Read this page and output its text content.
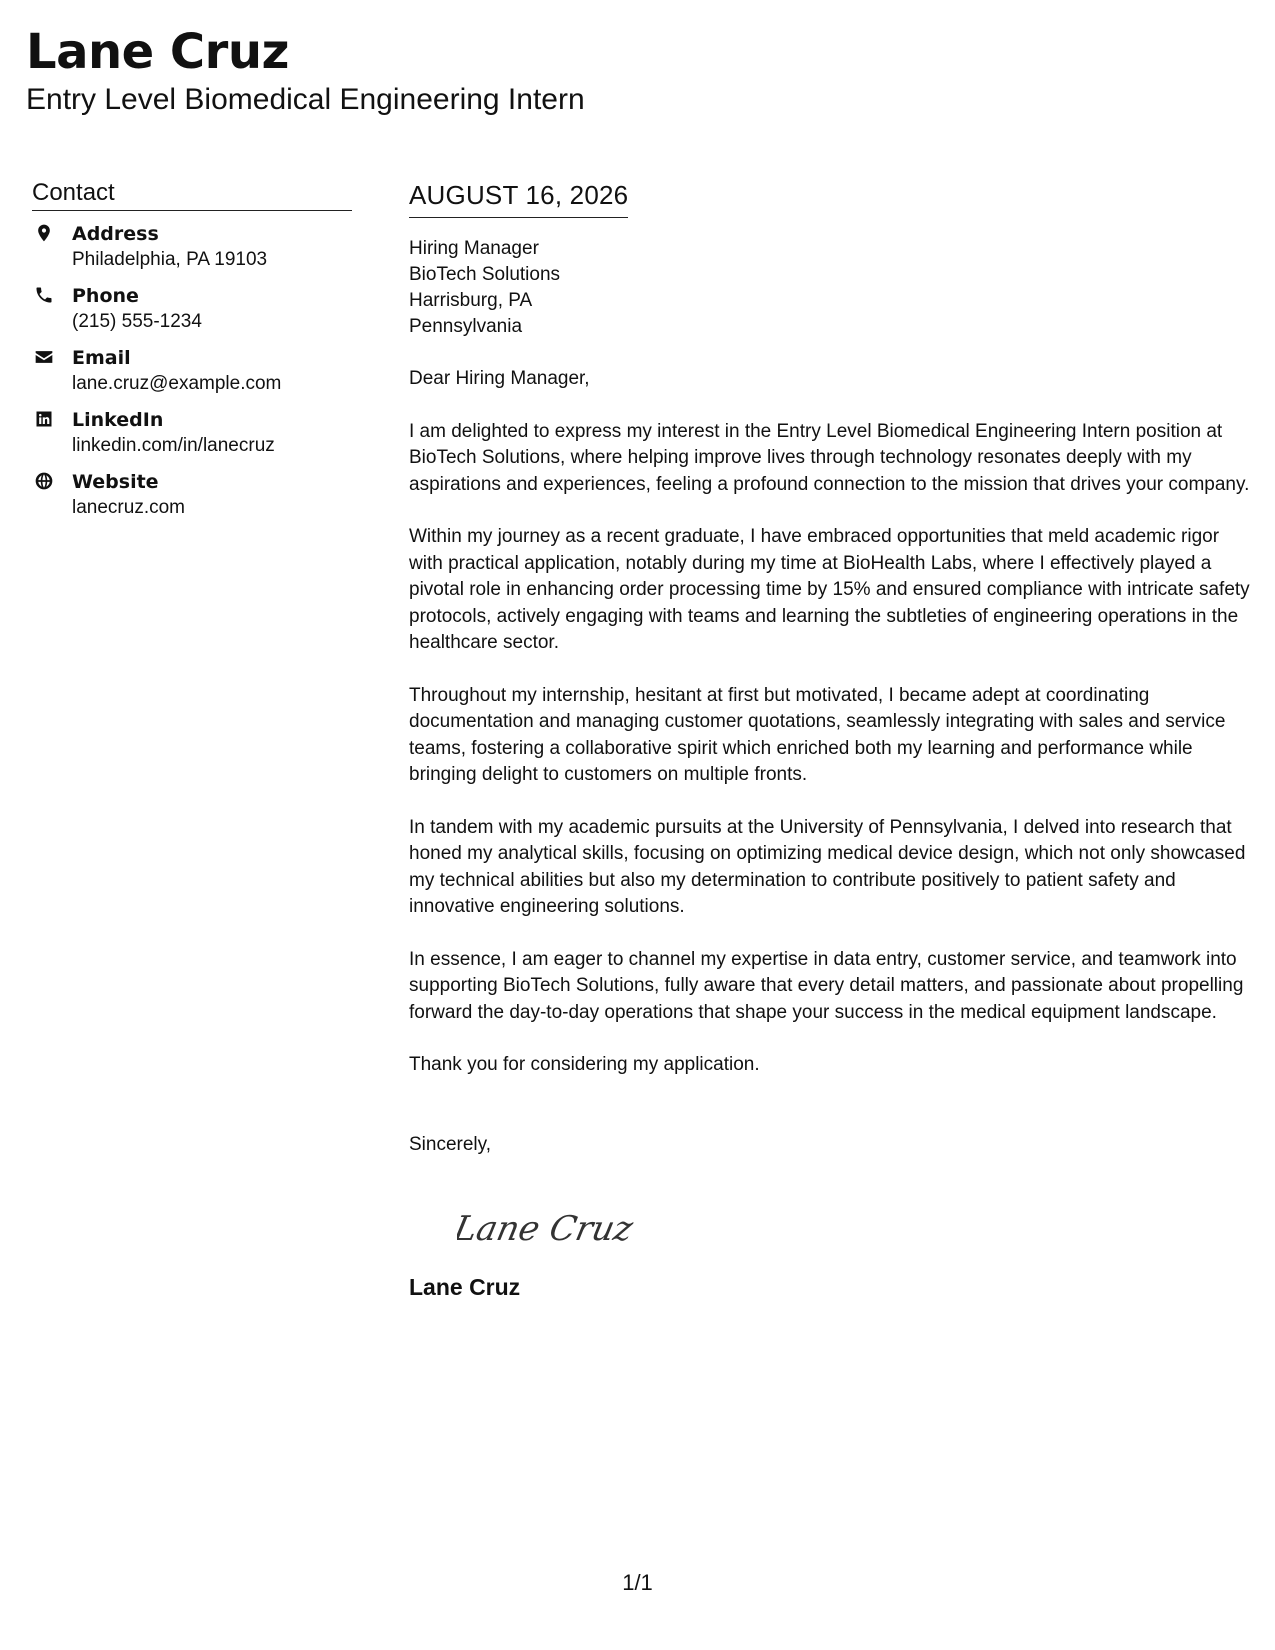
Lane Cruz
Entry Level Biomedical Engineering Intern
Contact
Address
Philadelphia, PA 19103
Phone
(215) 555-1234
Email
lane.cruz@example.com
LinkedIn
linkedin.com/in/lanecruz
Website
lanecruz.com
AUGUST 16, 2026
Hiring Manager
BioTech Solutions
Harrisburg, PA
Pennsylvania
Dear Hiring Manager,

I am delighted to express my interest in the Entry Level Biomedical Engineering Intern position at BioTech Solutions, where helping improve lives through technology resonates deeply with my aspirations and experiences, feeling a profound connection to the mission that drives your company.

Within my journey as a recent graduate, I have embraced opportunities that meld academic rigor with practical application, notably during my time at BioHealth Labs, where I effectively played a pivotal role in enhancing order processing time by 15% and ensured compliance with intricate safety protocols, actively engaging with teams and learning the subtleties of engineering operations in the healthcare sector.

Throughout my internship, hesitant at first but motivated, I became adept at coordinating documentation and managing customer quotations, seamlessly integrating with sales and service teams, fostering a collaborative spirit which enriched both my learning and performance while bringing delight to customers on multiple fronts.

In tandem with my academic pursuits at the University of Pennsylvania, I delved into research that honed my analytical skills, focusing on optimizing medical device design, which not only showcased my technical abilities but also my determination to contribute positively to patient safety and innovative engineering solutions.

In essence, I am eager to channel my expertise in data entry, customer service, and teamwork into supporting BioTech Solutions, fully aware that every detail matters, and passionate about propelling forward the day-to-day operations that shape your success in the medical equipment landscape.

Thank you for considering my application.

Sincerely,
Lane Cruz
Lane Cruz
1/1
